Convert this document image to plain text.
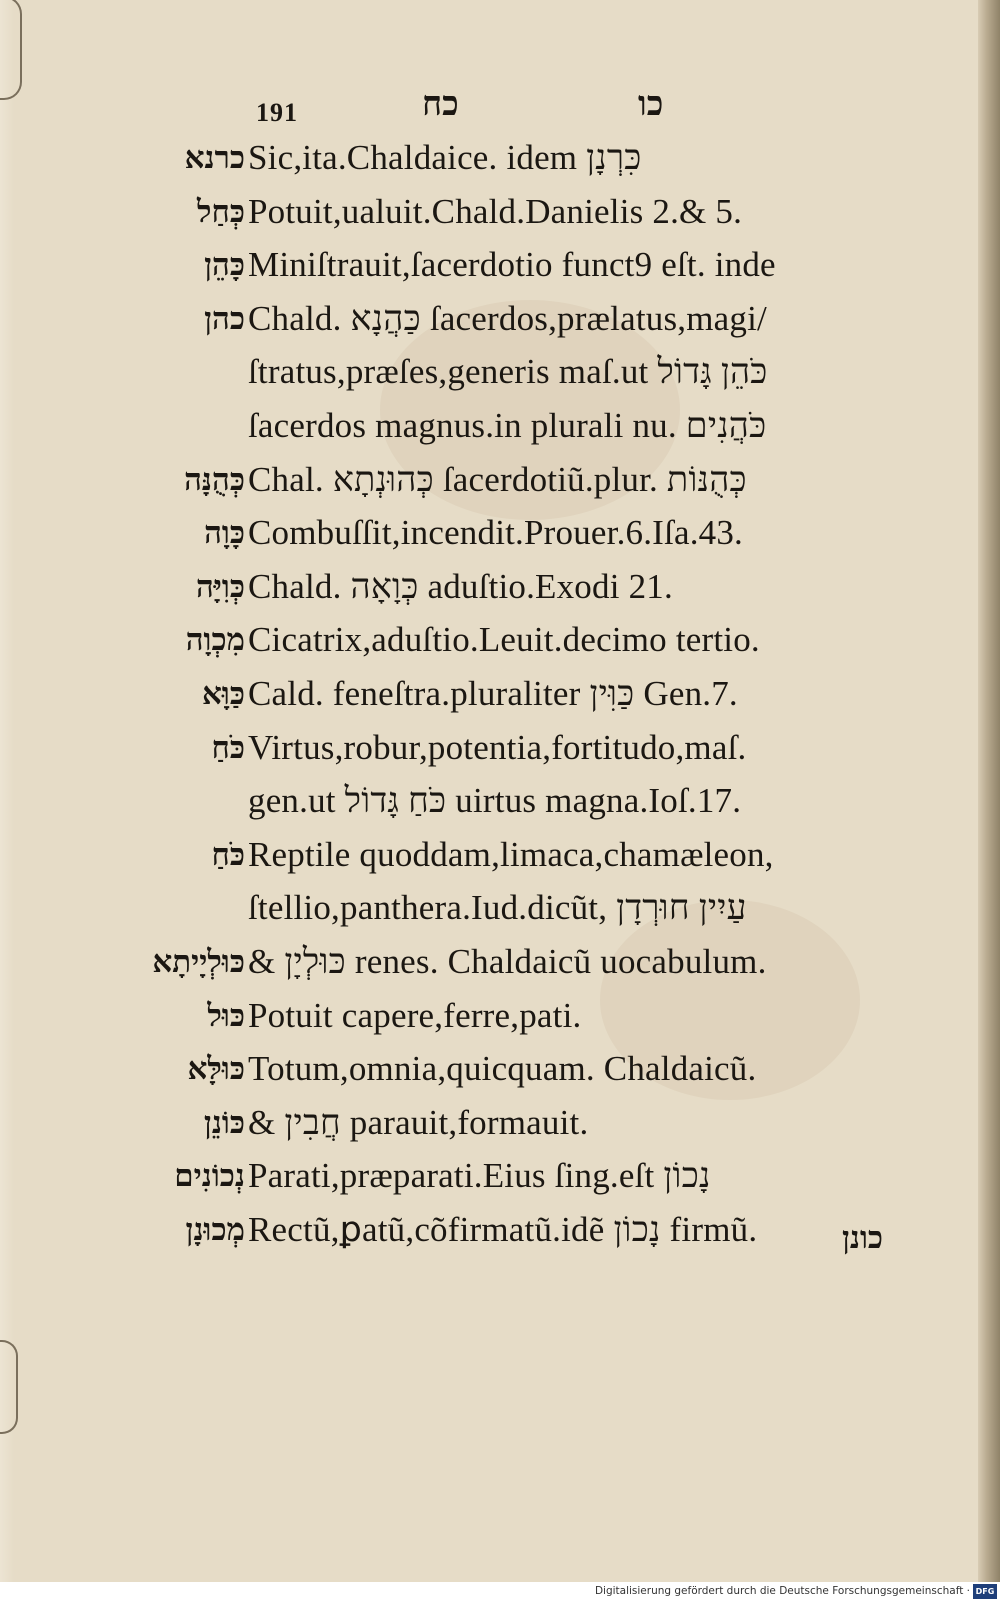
191	כח	כו
כרנא Sic,ita.Chaldaice. idem כִּרְנָן
כְּחַל Potuit,ualuit.Chald.Danielis 2.& 5.
כָּהֵן Miniſtrauit,ſacerdotio funct9 eſt. inde
כהן Chald. כַּהֲנָא ſacerdos,prælatus,magi/
ſtratus,præſes,generis maſ.ut כֹּהֵן גָּדוֹל
ſacerdos magnus.in plurali nu. כֹּהֲנִים
כְּהֻנָּה Chal. כְּהוּנְתָא ſacerdotiũ.plur. כְּהֻנּוֹת
כָּוָה Combuſſit,incendit.Prouer.6.Iſa.43.
כְּוִיָּה Chald. כְּוָאָה aduſtio.Exodi 21.
מִכְוָה Cicatrix,aduſtio.Leuit.decimo tertio.
כַּוָּא Cald. feneſtra.pluraliter כַּוִּין Gen.7.
כֹּחַ Virtus,robur,potentia,fortitudo,maſ.
gen.ut כֹּחַ גָּדוֹל uirtus magna.Ioſ.17.
כֹּחַ Reptile quoddam,limaca,chamæleon,
ſtellio,panthera.Iud.dicũt, עַיִין חוּרְדָן
כּוּלְיָיתָא & כּוּלְיָן renes. Chaldaicũ uocabulum.
כּוּל Potuit capere,ferre,pati.
כּוּלָּא Totum,omnia,quicquam. Chaldaicũ.
כּוֹנֵן & חֲבִין parauit,formauit.
נְכוֹנִים Parati,præparati.Eius ſing.eſt נָכוֹן
מְכוּנָן Rectũ,ꝑatũ,cõfirmatũ.idẽ נָכוֹן firmũ.	כונן
Digitalisierung gefördert durch die Deutsche Forschungsgemeinschaft · DFG
